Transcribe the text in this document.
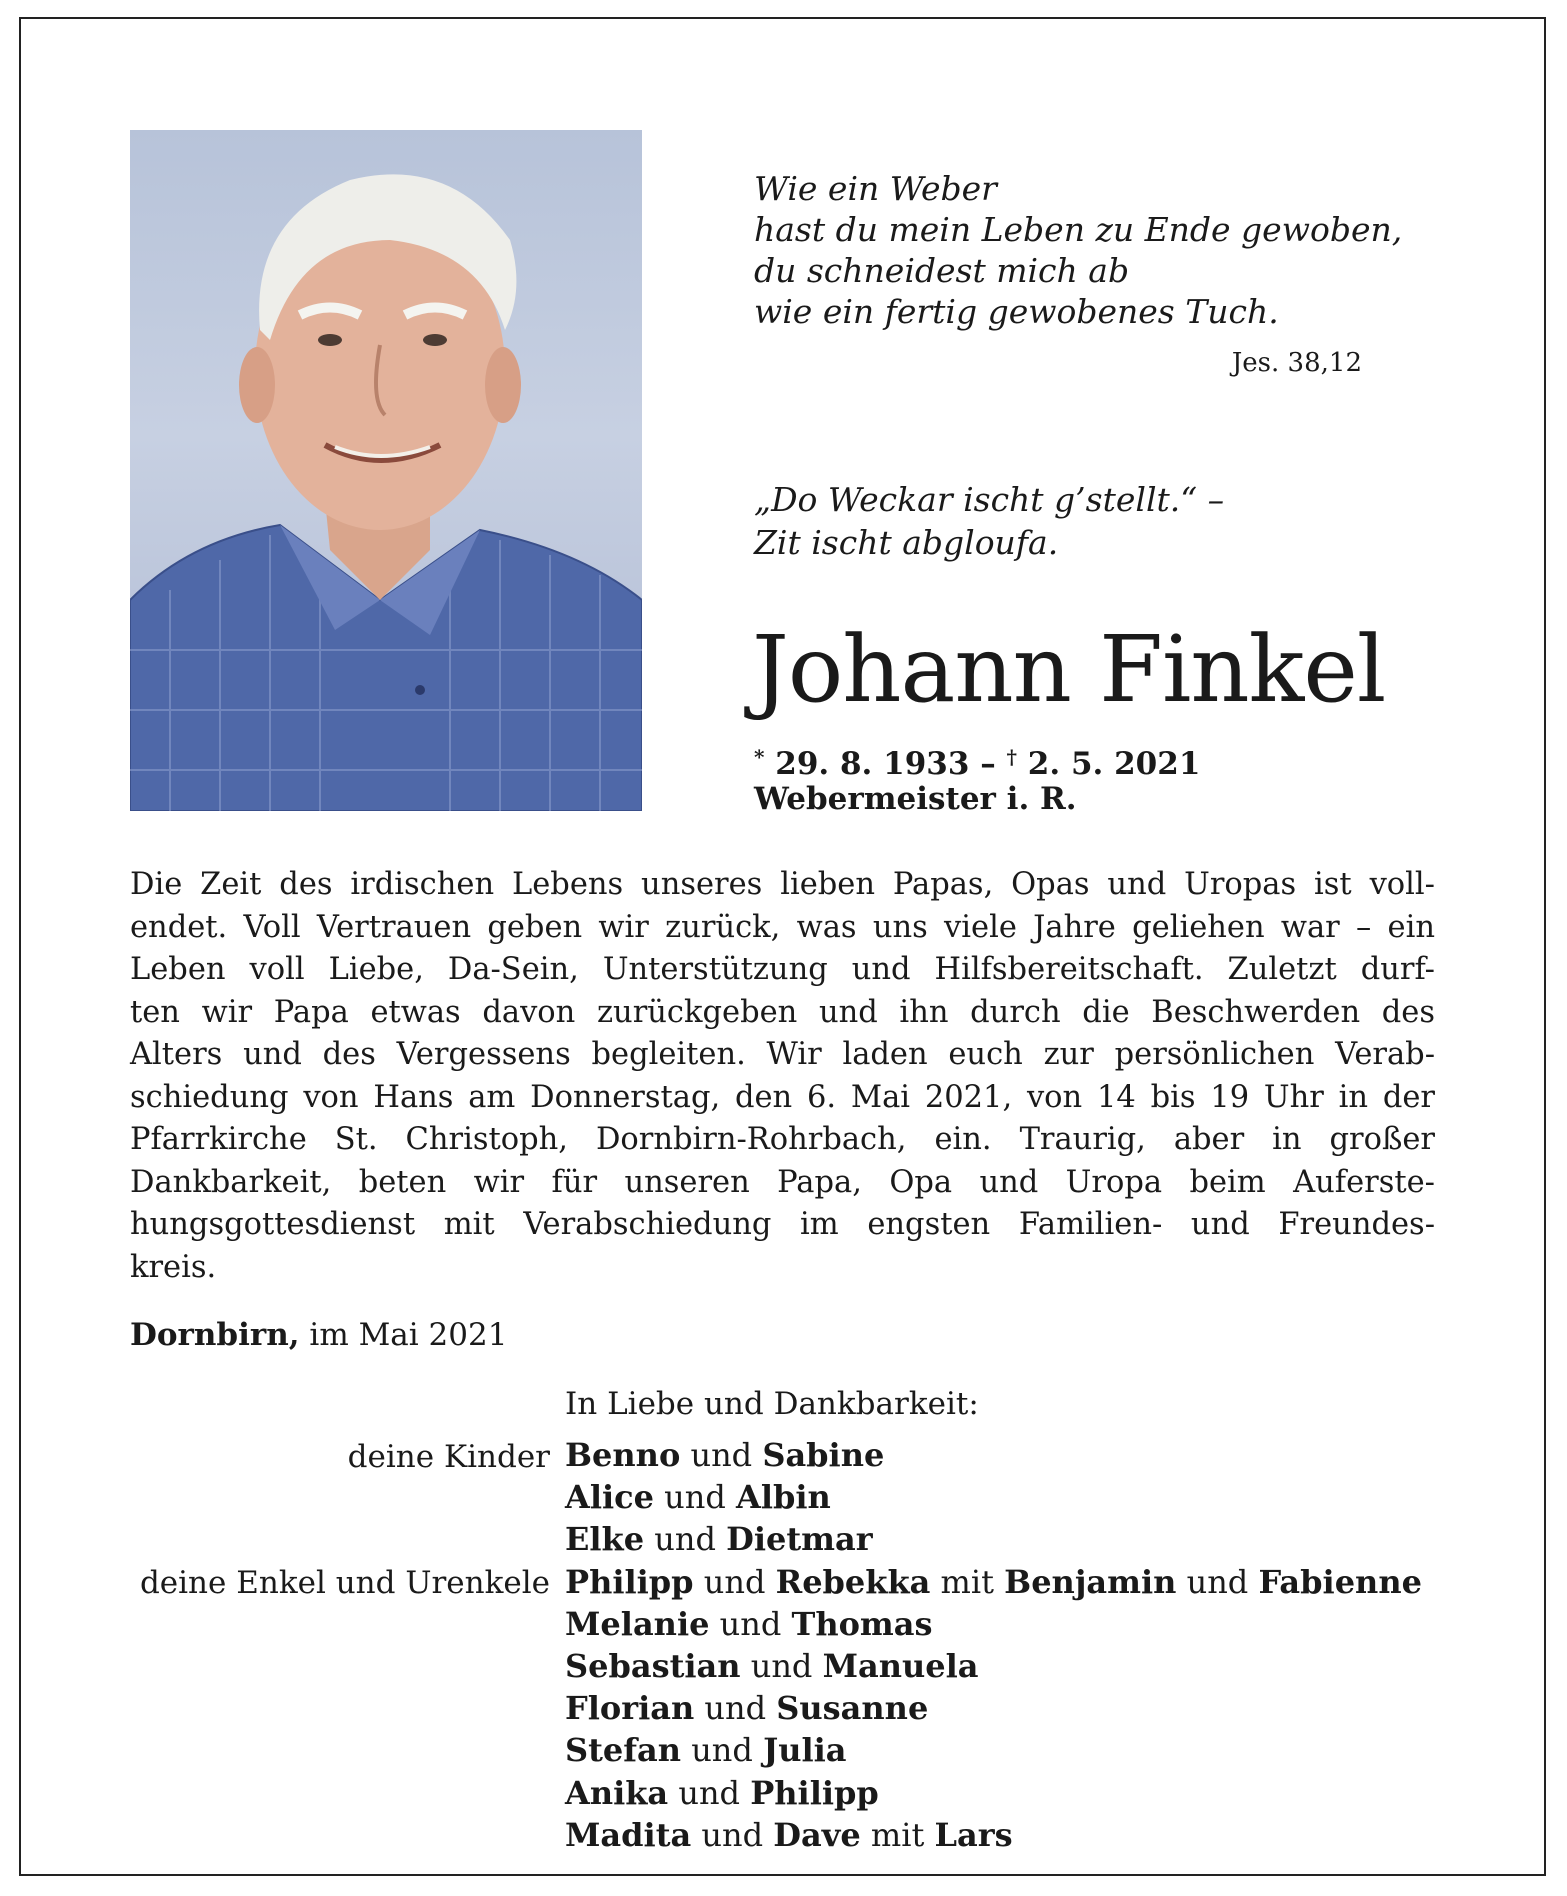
Wie ein Weber
hast du mein Leben zu Ende gewoben,
du schneidest mich ab
wie ein fertig gewobenes Tuch.
Jes. 38,12
„Do Weckar ischt g’stellt.“ –
Zit ischt abgloufa.
Johann Finkel
* 29. 8. 1933 – † 2. 5. 2021
Webermeister i. R.
Die Zeit des irdischen Lebens unseres lieben Papas, Opas und Uropas ist voll-
endet. Voll Vertrauen geben wir zurück, was uns viele Jahre geliehen war – ein
Leben voll Liebe, Da-Sein, Unterstützung und Hilfsbereitschaft. Zuletzt durf-
ten wir Papa etwas davon zurückgeben und ihn durch die Beschwerden des
Alters und des Vergessens begleiten. Wir laden euch zur persönlichen Verab-
schiedung von Hans am Donnerstag, den 6. Mai 2021, von 14 bis 19 Uhr in der
Pfarrkirche St. Christoph, Dornbirn-Rohrbach, ein. Traurig, aber in großer
Dankbarkeit, beten wir für unseren Papa, Opa und Uropa beim Auferste-
hungsgottesdienst mit Verabschiedung im engsten Familien- und Freundes-
kreis.
Dornbirn, im Mai 2021
In Liebe und Dankbarkeit:
deine Kinder
deine Enkel und Urenkele
Benno und Sabine
Alice und Albin
Elke und Dietmar
Philipp und Rebekka mit Benjamin und Fabienne
Melanie und Thomas
Sebastian und Manuela
Florian und Susanne
Stefan und Julia
Anika und Philipp
Madita und Dave mit Lars
